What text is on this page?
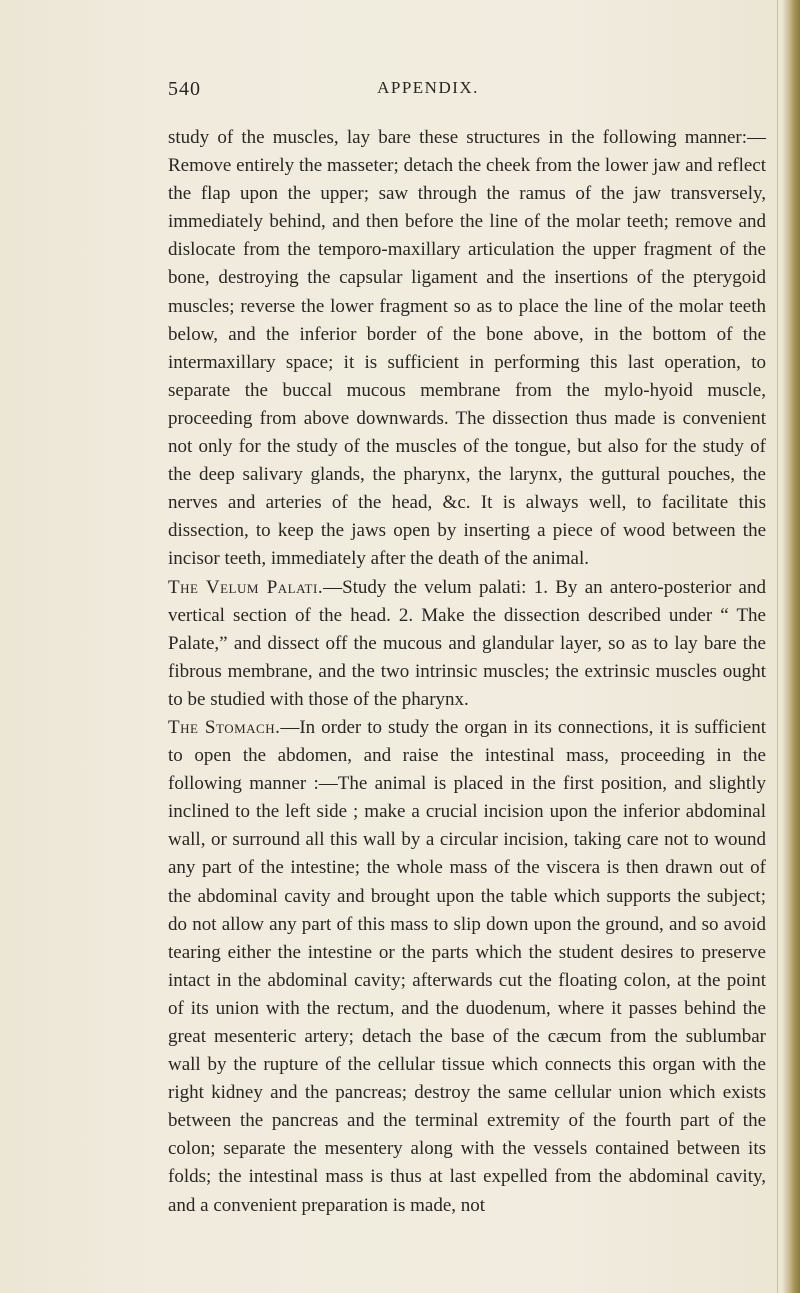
540	APPENDIX.

study of the muscles, lay bare these structures in the following manner:— Remove entirely the masseter; detach the cheek from the lower jaw and reflect the flap upon the upper; saw through the ramus of the jaw transversely, immediately behind, and then before the line of the molar teeth; remove and dislocate from the temporo-maxillary articulation the upper fragment of the bone, destroying the capsular ligament and the insertions of the pterygoid muscles; reverse the lower fragment so as to place the line of the molar teeth below, and the inferior border of the bone above, in the bottom of the intermaxillary space; it is sufficient in performing this last operation, to separate the buccal mucous membrane from the mylo-hyoid muscle, proceeding from above downwards. The dissection thus made is convenient not only for the study of the muscles of the tongue, but also for the study of the deep salivary glands, the pharynx, the larynx, the guttural pouches, the nerves and arteries of the head, &c. It is always well, to facilitate this dissection, to keep the jaws open by inserting a piece of wood between the incisor teeth, immediately after the death of the animal.

The Velum Palati.—Study the velum palati: 1. By an antero-posterior and vertical section of the head. 2. Make the dissection described under “ The Palate,” and dissect off the mucous and glandular layer, so as to lay bare the fibrous membrane, and the two intrinsic muscles; the extrinsic muscles ought to be studied with those of the pharynx.

The Stomach.—In order to study the organ in its connections, it is sufficient to open the abdomen, and raise the intestinal mass, proceeding in the following manner :—The animal is placed in the first position, and slightly inclined to the left side ; make a crucial incision upon the inferior abdominal wall, or surround all this wall by a circular incision, taking care not to wound any part of the intestine; the whole mass of the viscera is then drawn out of the abdominal cavity and brought upon the table which supports the subject; do not allow any part of this mass to slip down upon the ground, and so avoid tearing either the intestine or the parts which the student desires to preserve intact in the abdominal cavity; afterwards cut the floating colon, at the point of its union with the rectum, and the duodenum, where it passes behind the great mesenteric artery; detach the base of the cæcum from the sublumbar wall by the rupture of the cellular tissue which connects this organ with the right kidney and the pancreas; destroy the same cellular union which exists between the pancreas and the terminal extremity of the fourth part of the colon; separate the mesentery along with the vessels contained between its folds; the intestinal mass is thus at last expelled from the abdominal cavity, and a convenient preparation is made, not
